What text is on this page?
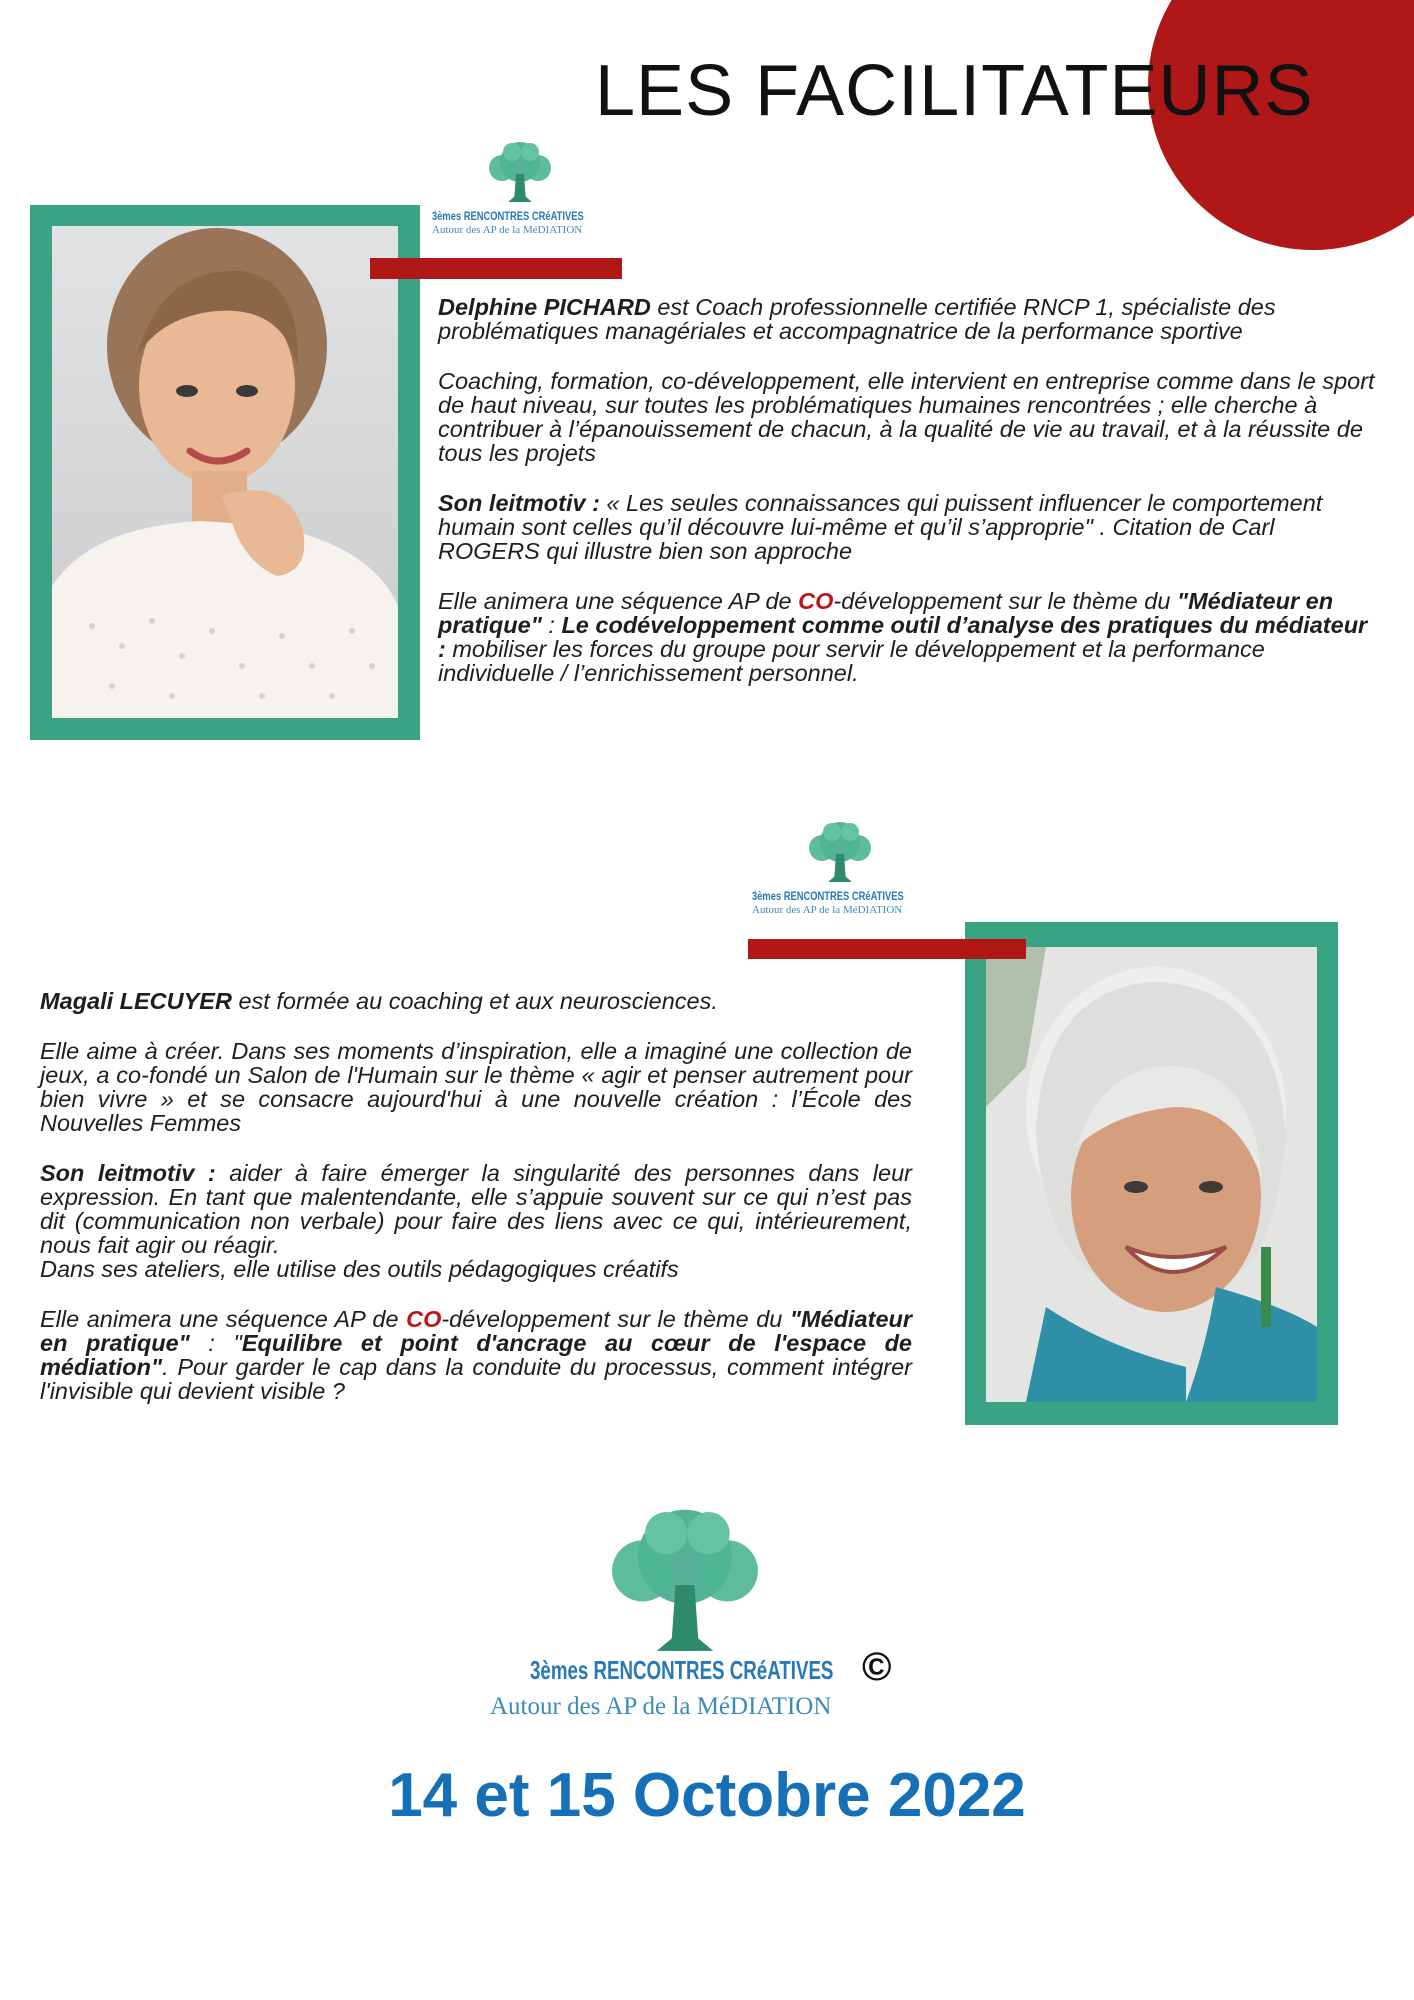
LES FACILITATEURS
3èmes RENCONTRES CRéATIVES
Autour des AP de la MéDIATION

Delphine PICHARD est Coach professionnelle certifiée RNCP 1, spécialiste des problématiques managériales et accompagnatrice de la performance sportive

Coaching, formation, co-développement, elle intervient en entreprise comme dans le sport de haut niveau, sur toutes les problématiques humaines rencontrées ; elle cherche à contribuer à l’épanouissement de chacun, à la qualité de vie au travail, et à la réussite de tous les projets

Son leitmotiv : « Les seules connaissances qui puissent influencer le comportement humain sont celles qu’il découvre lui-même et qu’il s’approprie" . Citation de Carl ROGERS qui illustre bien son approche

Elle animera une séquence AP de CO-développement sur le thème du "Médiateur en pratique" : Le codéveloppement comme outil d’analyse des pratiques du médiateur : mobiliser les forces du groupe pour servir le développement et la performance individuelle / l’enrichissement personnel.

3èmes RENCONTRES CRéATIVES
Autour des AP de la MéDIATION

Magali LECUYER est formée au coaching et aux neurosciences.

Elle aime à créer. Dans ses moments d’inspiration, elle a imaginé une collection de jeux, a co-fondé un Salon de l'Humain sur le thème « agir et penser autrement pour bien vivre » et se consacre aujourd'hui à une nouvelle création : l’École des Nouvelles Femmes

Son leitmotiv : aider à faire émerger la singularité des personnes dans leur expression. En tant que malentendante, elle s’appuie souvent sur ce qui n’est pas dit (communication non verbale) pour faire des liens avec ce qui, intérieurement, nous fait agir ou réagir.
Dans ses ateliers, elle utilise des outils pédagogiques créatifs

Elle animera une séquence AP de CO-développement sur le thème du "Médiateur en pratique" : "Equilibre et point d'ancrage au cœur de l'espace de médiation". Pour garder le cap dans la conduite du processus, comment intégrer l'invisible qui devient visible ?

3èmes RENCONTRES CRéATIVES ©
Autour des AP de la MéDIATION
14 et 15 Octobre 2022
